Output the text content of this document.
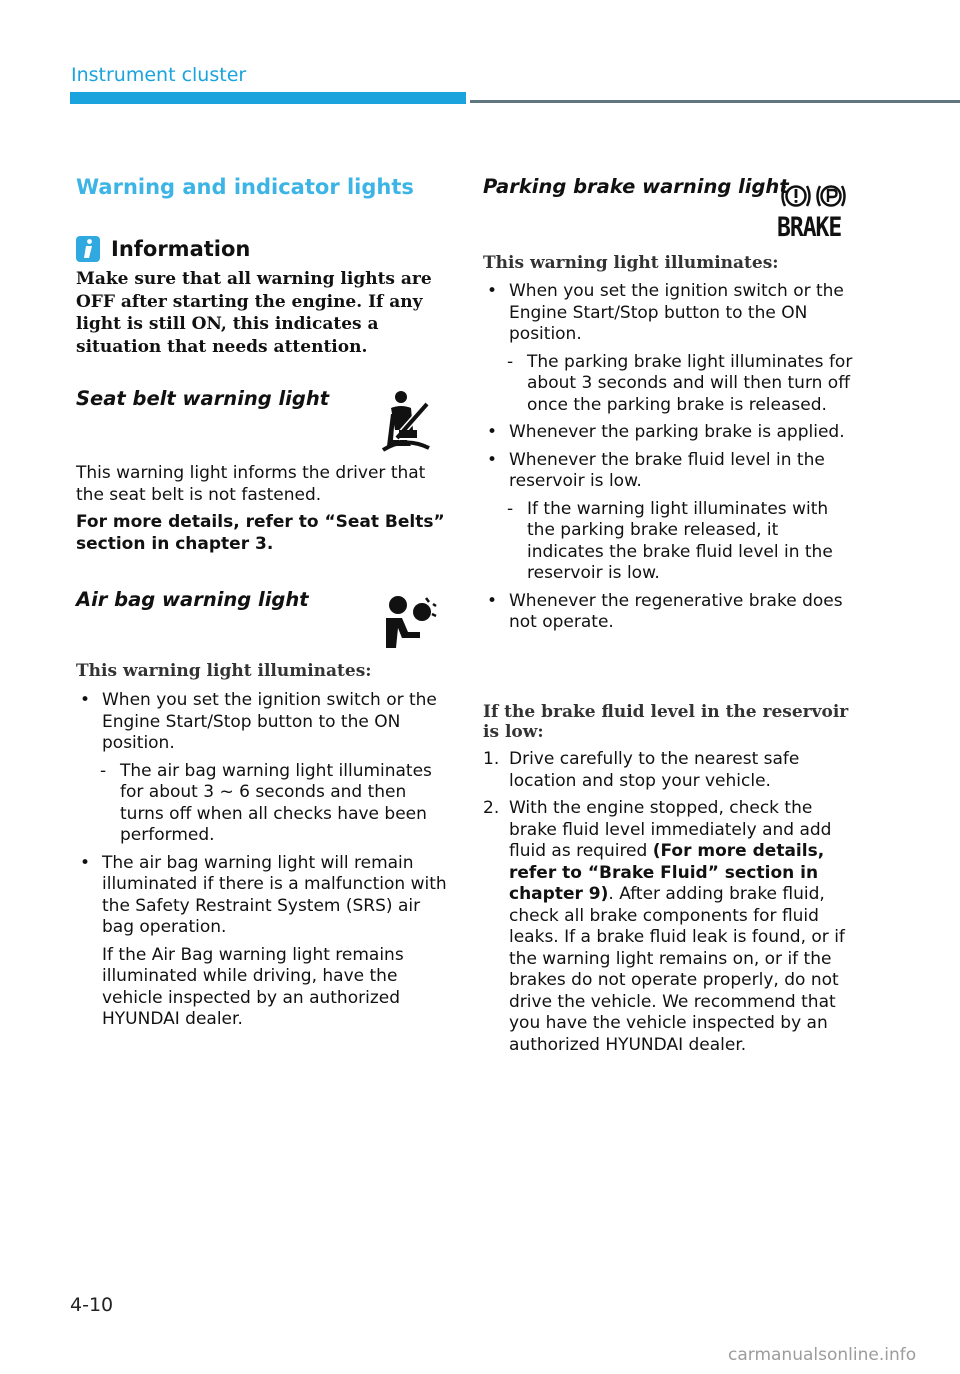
Instrument cluster
Warning and indicator lights
Information
Make sure that all warning lights are OFF after starting the engine. If any light is still ON, this indicates a situation that needs attention.
Seat belt warning light

This warning light informs the driver that the seat belt is not fastened.

For more details, refer to “Seat Belts” section in chapter 3.

Air bag warning light
This warning light illuminates:
• When you set the ignition switch or the Engine Start/Stop button to the ON position.
- The air bag warning light illuminates for about 3 ~ 6 seconds and then turns off when all checks have been performed.
• The air bag warning light will remain illuminated if there is a malfunction with the Safety Restraint System (SRS) air bag operation.
If the Air Bag warning light remains illuminated while driving, have the vehicle inspected by an authorized HYUNDAI dealer.
Parking brake warning light
BRAKE
This warning light illuminates:
• When you set the ignition switch or the Engine Start/Stop button to the ON position.
- The parking brake light illuminates for about 3 seconds and will then turn off once the parking brake is released.
• Whenever the parking brake is applied.
• Whenever the brake fluid level in the reservoir is low.
- If the warning light illuminates with the parking brake released, it indicates the brake fluid level in the reservoir is low.
• Whenever the regenerative brake does not operate.
If the brake fluid level in the reservoir is low:
1. Drive carefully to the nearest safe location and stop your vehicle.
2. With the engine stopped, check the brake fluid level immediately and add fluid as required (For more details, refer to “Brake Fluid” section in chapter 9). After adding brake fluid, check all brake components for fluid leaks. If a brake fluid leak is found, or if the warning light remains on, or if the brakes do not operate properly, do not drive the vehicle. We recommend that you have the vehicle inspected by an authorized HYUNDAI dealer.
4-10
carmanualsonline.info
